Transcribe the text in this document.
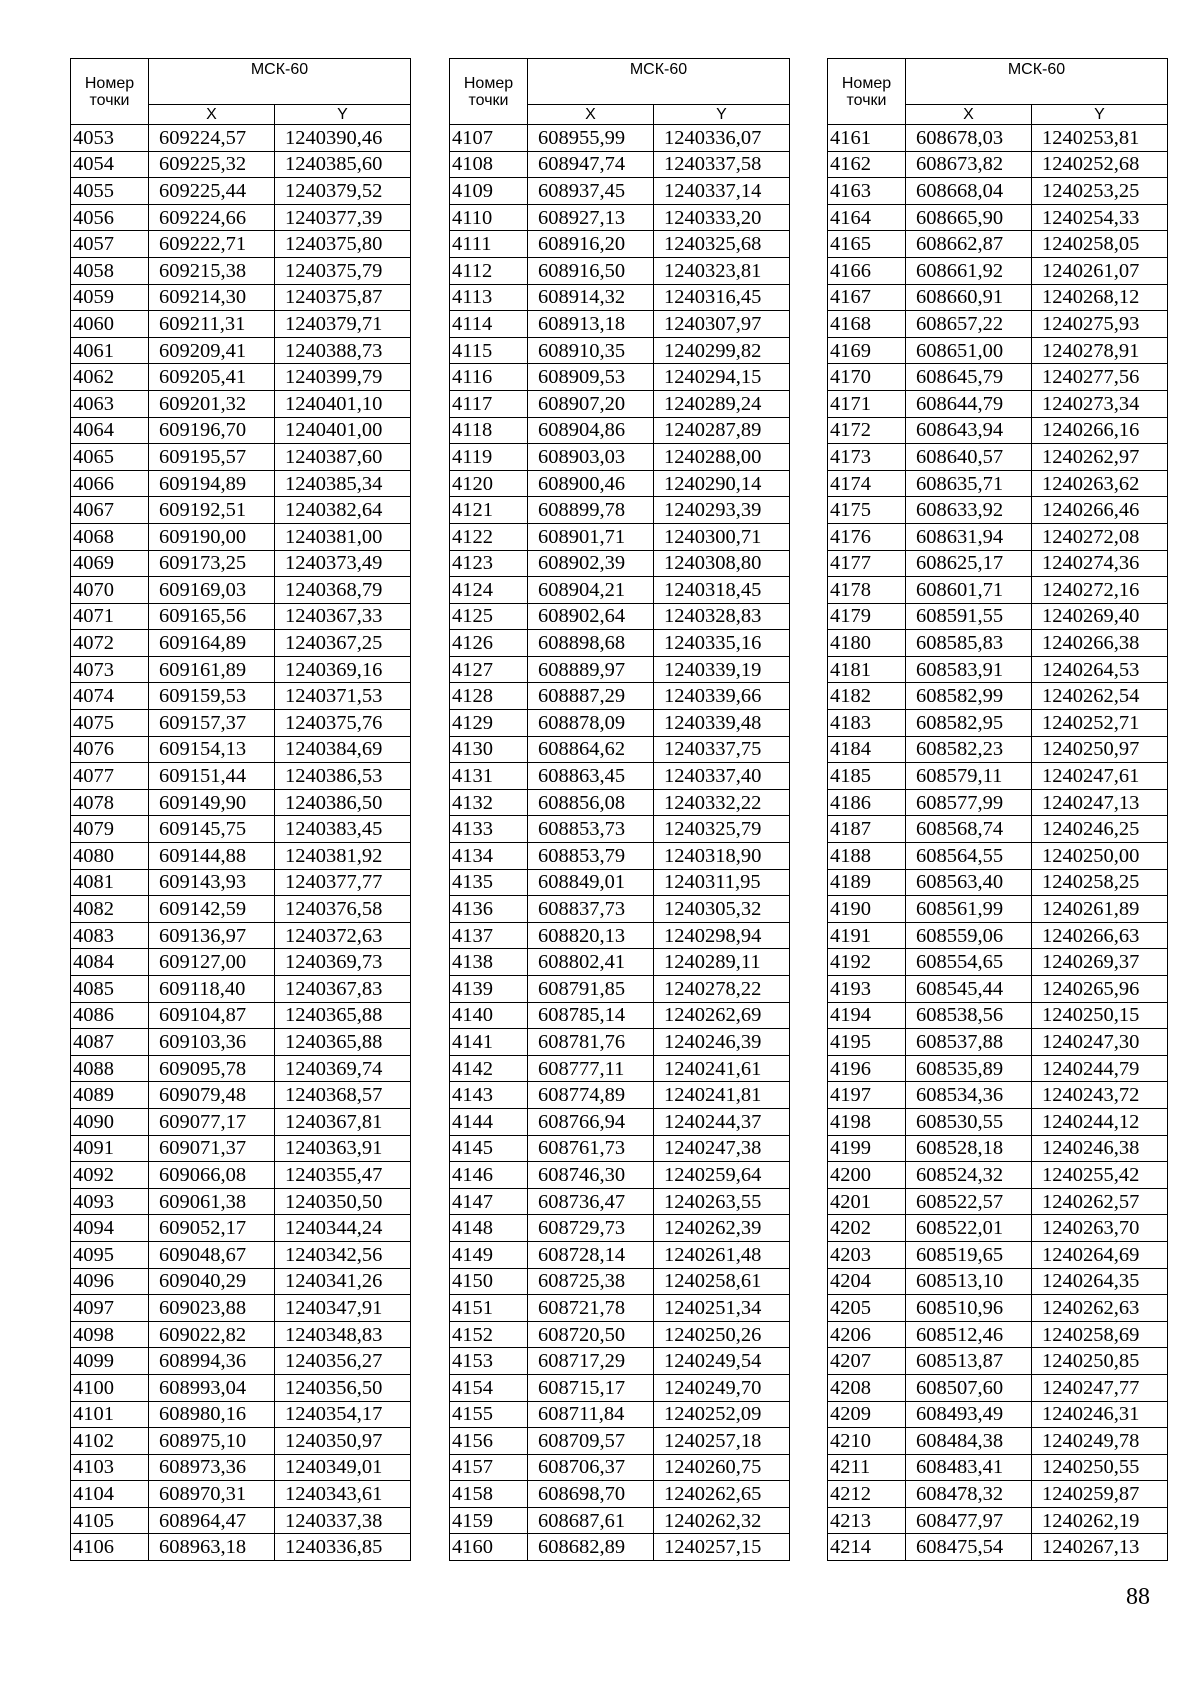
Номер
точки	МСК-60	
	X	Y
4053	609224,57	1240390,46
4054	609225,32	1240385,60
4055	609225,44	1240379,52
4056	609224,66	1240377,39
4057	609222,71	1240375,80
4058	609215,38	1240375,79
4059	609214,30	1240375,87
4060	609211,31	1240379,71
4061	609209,41	1240388,73
4062	609205,41	1240399,79
4063	609201,32	1240401,10
4064	609196,70	1240401,00
4065	609195,57	1240387,60
4066	609194,89	1240385,34
4067	609192,51	1240382,64
4068	609190,00	1240381,00
4069	609173,25	1240373,49
4070	609169,03	1240368,79
4071	609165,56	1240367,33
4072	609164,89	1240367,25
4073	609161,89	1240369,16
4074	609159,53	1240371,53
4075	609157,37	1240375,76
4076	609154,13	1240384,69
4077	609151,44	1240386,53
4078	609149,90	1240386,50
4079	609145,75	1240383,45
4080	609144,88	1240381,92
4081	609143,93	1240377,77
4082	609142,59	1240376,58
4083	609136,97	1240372,63
4084	609127,00	1240369,73
4085	609118,40	1240367,83
4086	609104,87	1240365,88
4087	609103,36	1240365,88
4088	609095,78	1240369,74
4089	609079,48	1240368,57
4090	609077,17	1240367,81
4091	609071,37	1240363,91
4092	609066,08	1240355,47
4093	609061,38	1240350,50
4094	609052,17	1240344,24
4095	609048,67	1240342,56
4096	609040,29	1240341,26
4097	609023,88	1240347,91
4098	609022,82	1240348,83
4099	608994,36	1240356,27
4100	608993,04	1240356,50
4101	608980,16	1240354,17
4102	608975,10	1240350,97
4103	608973,36	1240349,01
4104	608970,31	1240343,61
4105	608964,47	1240337,38
4106	608963,18	1240336,85
Номер
точки	МСК-60	
	X	Y
4107	608955,99	1240336,07
4108	608947,74	1240337,58
4109	608937,45	1240337,14
4110	608927,13	1240333,20
4111	608916,20	1240325,68
4112	608916,50	1240323,81
4113	608914,32	1240316,45
4114	608913,18	1240307,97
4115	608910,35	1240299,82
4116	608909,53	1240294,15
4117	608907,20	1240289,24
4118	608904,86	1240287,89
4119	608903,03	1240288,00
4120	608900,46	1240290,14
4121	608899,78	1240293,39
4122	608901,71	1240300,71
4123	608902,39	1240308,80
4124	608904,21	1240318,45
4125	608902,64	1240328,83
4126	608898,68	1240335,16
4127	608889,97	1240339,19
4128	608887,29	1240339,66
4129	608878,09	1240339,48
4130	608864,62	1240337,75
4131	608863,45	1240337,40
4132	608856,08	1240332,22
4133	608853,73	1240325,79
4134	608853,79	1240318,90
4135	608849,01	1240311,95
4136	608837,73	1240305,32
4137	608820,13	1240298,94
4138	608802,41	1240289,11
4139	608791,85	1240278,22
4140	608785,14	1240262,69
4141	608781,76	1240246,39
4142	608777,11	1240241,61
4143	608774,89	1240241,81
4144	608766,94	1240244,37
4145	608761,73	1240247,38
4146	608746,30	1240259,64
4147	608736,47	1240263,55
4148	608729,73	1240262,39
4149	608728,14	1240261,48
4150	608725,38	1240258,61
4151	608721,78	1240251,34
4152	608720,50	1240250,26
4153	608717,29	1240249,54
4154	608715,17	1240249,70
4155	608711,84	1240252,09
4156	608709,57	1240257,18
4157	608706,37	1240260,75
4158	608698,70	1240262,65
4159	608687,61	1240262,32
4160	608682,89	1240257,15
Номер
точки	МСК-60	
	X	Y
4161	608678,03	1240253,81
4162	608673,82	1240252,68
4163	608668,04	1240253,25
4164	608665,90	1240254,33
4165	608662,87	1240258,05
4166	608661,92	1240261,07
4167	608660,91	1240268,12
4168	608657,22	1240275,93
4169	608651,00	1240278,91
4170	608645,79	1240277,56
4171	608644,79	1240273,34
4172	608643,94	1240266,16
4173	608640,57	1240262,97
4174	608635,71	1240263,62
4175	608633,92	1240266,46
4176	608631,94	1240272,08
4177	608625,17	1240274,36
4178	608601,71	1240272,16
4179	608591,55	1240269,40
4180	608585,83	1240266,38
4181	608583,91	1240264,53
4182	608582,99	1240262,54
4183	608582,95	1240252,71
4184	608582,23	1240250,97
4185	608579,11	1240247,61
4186	608577,99	1240247,13
4187	608568,74	1240246,25
4188	608564,55	1240250,00
4189	608563,40	1240258,25
4190	608561,99	1240261,89
4191	608559,06	1240266,63
4192	608554,65	1240269,37
4193	608545,44	1240265,96
4194	608538,56	1240250,15
4195	608537,88	1240247,30
4196	608535,89	1240244,79
4197	608534,36	1240243,72
4198	608530,55	1240244,12
4199	608528,18	1240246,38
4200	608524,32	1240255,42
4201	608522,57	1240262,57
4202	608522,01	1240263,70
4203	608519,65	1240264,69
4204	608513,10	1240264,35
4205	608510,96	1240262,63
4206	608512,46	1240258,69
4207	608513,87	1240250,85
4208	608507,60	1240247,77
4209	608493,49	1240246,31
4210	608484,38	1240249,78
4211	608483,41	1240250,55
4212	608478,32	1240259,87
4213	608477,97	1240262,19
4214	608475,54	1240267,13
88
